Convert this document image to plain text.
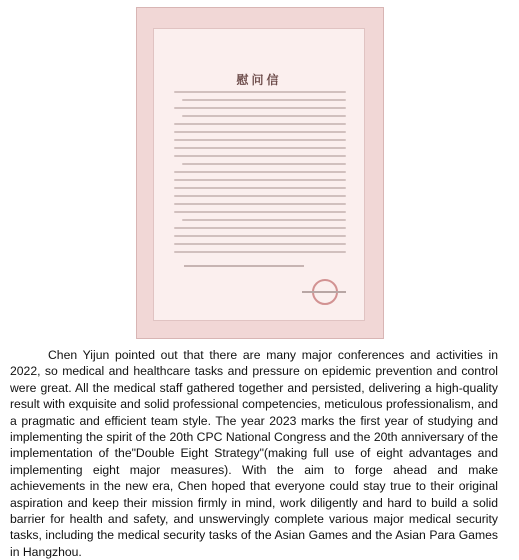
慰问信

Chen Yijun pointed out that there are many major conferences and activities in 2022, so medical and healthcare tasks and pressure on epidemic prevention and control were great. All the medical staff gathered together and persisted, delivering a high-quality result with exquisite and solid professional competencies, meticulous professionalism, and a pragmatic and efficient team style. The year 2023 marks the first year of studying and implementing the spirit of the 20th CPC National Congress and the 20th anniversary of the implementation of the"Double Eight Strategy"(making full use of eight advantages and implementing eight major measures). With the aim to forge ahead and make achievements in the new era, Chen hoped that everyone could stay true to their original aspiration and keep their mission firmly in mind, work diligently and hard to build a solid barrier for health and safety, and unswervingly complete various major medical security tasks, including the medical security tasks of the Asian Games and the Asian Para Games in Hangzhou.
